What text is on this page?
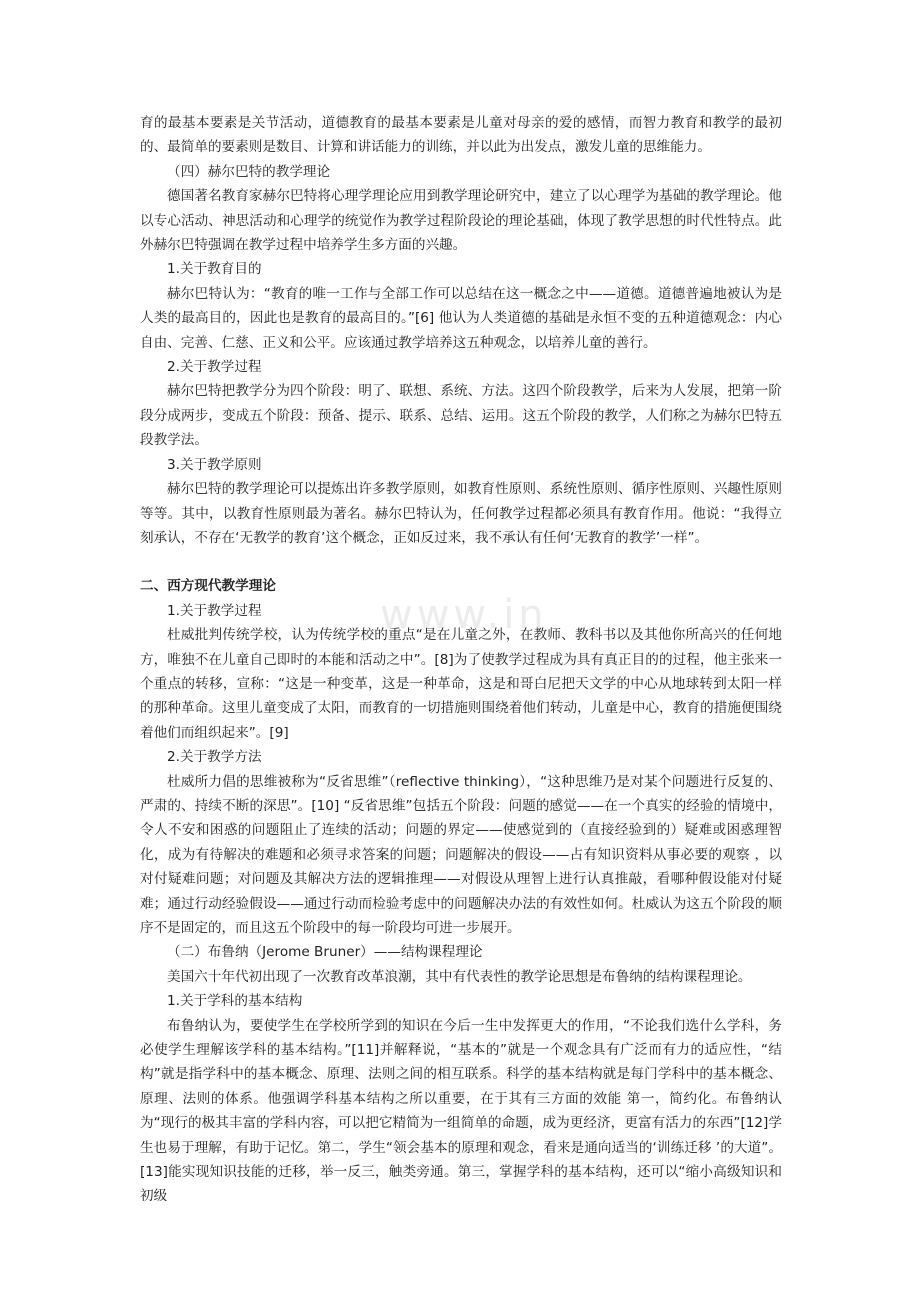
www.in

育的最基本要素是关节活动，道德教育的最基本要素是儿童对母亲的爱的感情，而智力教育和教学的最初的、最简单的要素则是数目、计算和讲话能力的训练，并以此为出发点，激发儿童的思维能力。

（四）赫尔巴特的教学理论

德国著名教育家赫尔巴特将心理学理论应用到教学理论研究中，建立了以心理学为基础的教学理论。他以专心活动、神思活动和心理学的统觉作为教学过程阶段论的理论基础，体现了教学思想的时代性特点。此外赫尔巴特强调在教学过程中培养学生多方面的兴趣。

1.关于教育目的

赫尔巴特认为：“教育的唯一工作与全部工作可以总结在这一概念之中——道德。道德普遍地被认为是人类的最高目的，因此也是教育的最高目的。”[6] 他认为人类道德的基础是永恒不变的五种道德观念：内心自由、完善、仁慈、正义和公平。应该通过教学培养这五种观念，以培养儿童的善行。

2.关于教学过程

赫尔巴特把教学分为四个阶段：明了、联想、系统、方法。这四个阶段教学，后来为人发展，把第一阶段分成两步，变成五个阶段：预备、提示、联系、总结、运用。这五个阶段的教学，人们称之为赫尔巴特五段教学法。

3.关于教学原则

赫尔巴特的教学理论可以提炼出许多教学原则，如教育性原则、系统性原则、循序性原则、兴趣性原则等等。其中，以教育性原则最为著名。赫尔巴特认为，任何教学过程都必须具有教育作用。他说：“我得立刻承认，不存在‘无教学的教育’这个概念，正如反过来，我不承认有任何‘无教育的教学’一样”。

二、西方现代教学理论

1.关于教学过程

杜威批判传统学校，认为传统学校的重点“是在儿童之外，在教师、教科书以及其他你所高兴的任何地方，唯独不在儿童自己即时的本能和活动之中”。[8]为了使教学过程成为具有真正目的的过程，他主张来一个重点的转移，宣称：“这是一种变革，这是一种革命，这是和哥白尼把天文学的中心从地球转到太阳一样的那种革命。这里儿童变成了太阳，而教育的一切措施则围绕着他们转动，儿童是中心，教育的措施便围绕着他们而组织起来”。[9]

2.关于教学方法

杜威所力倡的思维被称为“反省思维”（reflective thinking），“这种思维乃是对某个问题进行反复的、严肃的、持续不断的深思”。[10] “反省思维”包括五个阶段：问题的感觉——在一个真实的经验的情境中，令人不安和困惑的问题阻止了连续的活动；问题的界定——使感觉到的（直接经验到的）疑难或困惑理智化，成为有待解决的难题和必须寻求答案的问题；问题解决的假设——占有知识资料从事必要的观察 ，以对付疑难问题；对问题及其解决方法的逻辑推理——对假设从理智上进行认真推敲，看哪种假设能对付疑难；通过行动经验假设——通过行动而检验考虑中的问题解决办法的有效性如何。杜威认为这五个阶段的顺序不是固定的，而且这五个阶段中的每一阶段均可进一步展开。

（二）布鲁纳（Jerome Bruner）——结构课程理论

美国六十年代初出现了一次教育改革浪潮，其中有代表性的教学论思想是布鲁纳的结构课程理论。

1.关于学科的基本结构

布鲁纳认为，要使学生在学校所学到的知识在今后一生中发挥更大的作用，“不论我们选什么学科，务必使学生理解该学科的基本结构。”[11]并解释说，“基本的”就是一个观念具有广泛而有力的适应性，“结构”就是指学科中的基本概念、原理、法则之间的相互联系。科学的基本结构就是每门学科中的基本概念、原理、法则的体系。他强调学科基本结构之所以重要，在于其有三方面的效能 第一，简约化。布鲁纳认为“现行的极其丰富的学科内容，可以把它精简为一组简单的命题，成为更经济，更富有活力的东西”[12]学生也易于理解，有助于记忆。第二，学生“领会基本的原理和观念，看来是通向适当的‘训练迁移 ’的大道”。[13]能实现知识技能的迁移，举一反三，触类旁通。第三，掌握学科的基本结构，还可以“缩小高级知识和初级
